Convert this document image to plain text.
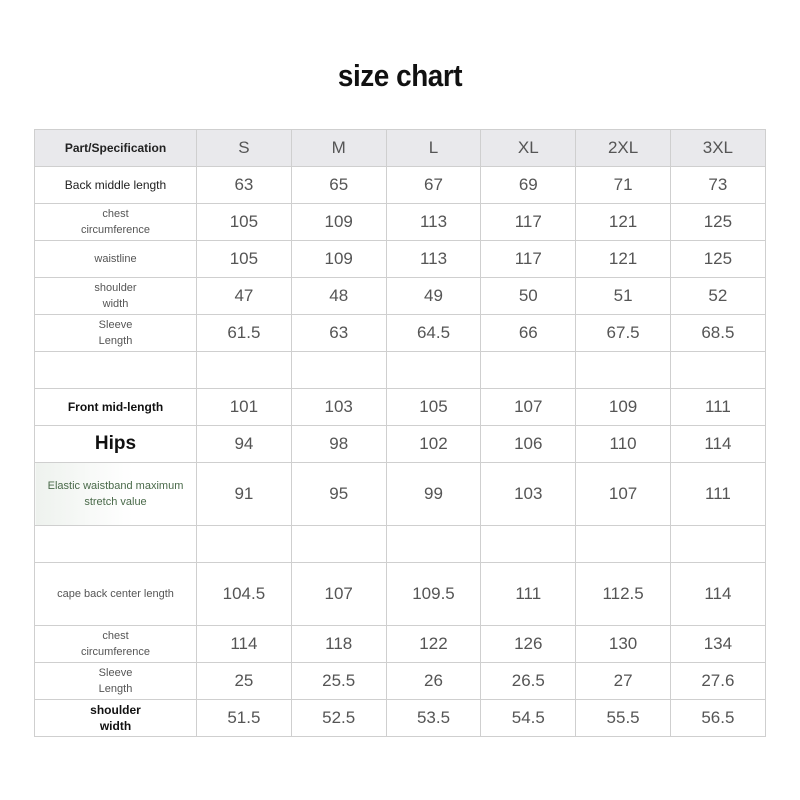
size chart
Part/Specification	S	M	L	XL	2XL	3XL

Back middle length	63	65	67	69	71	73

chest
circumference	105	109	113	117	121	125

waistline	105	109	113	117	121	125

shoulder
width	47	48	49	50	51	52

Sleeve
Length	61.5	63	64.5	66	67.5	68.5

Front mid-length	101	103	105	107	109	111

Hips	94	98	102	106	110	114

Elastic waistband maximum
stretch value	91	95	99	103	107	111

cape back center length	104.5	107	109.5	111	112.5	114

chest
circumference	114	118	122	126	130	134

Sleeve
Length	25	25.5	26	26.5	27	27.6

shoulder
width	51.5	52.5	53.5	54.5	55.5	56.5
